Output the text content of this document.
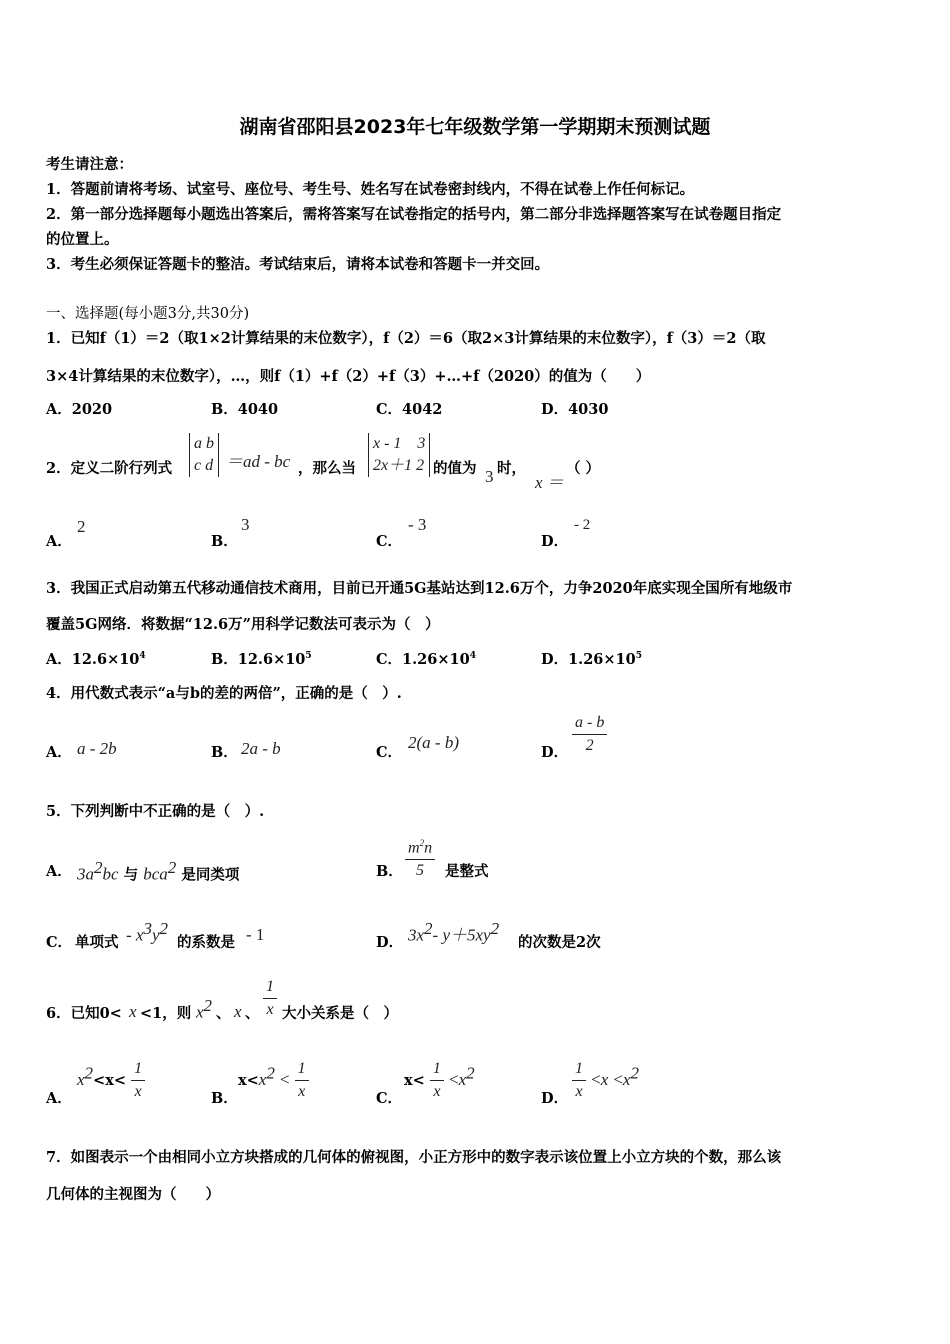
湖南省邵阳县2023年七年级数学第一学期期末预测试题
考生请注意：
1．答题前请将考场、试室号、座位号、考生号、姓名写在试卷密封线内，不得在试卷上作任何标记。
2．第一部分选择题每小题选出答案后，需将答案写在试卷指定的括号内，第二部分非选择题答案写在试卷题目指定
的位置上。
3．考生必须保证答题卡的整洁。考试结束后，请将本试卷和答题卡一并交回。
一、选择题(每小题3分,共30分)
1．已知f（1）＝2（取1×2计算结果的末位数字），f（2）＝6（取2×3计算结果的末位数字），f（3）＝2（取
3×4计算结果的末位数字），…，则f（1）+f（2）+f（3）+…+f（2020）的值为（　　）
A．2020	B．4040	C．4042	D．4030
2．定义二阶行列式
a b
c d ＝ad - bc ，那么当
x - 1　3
2x＋1 2 的值为 3 时，
x ＝
（ ）
A．
2
B．
3
C．
- 3
D．
- 2
3．我国正式启动第五代移动通信技术商用，目前已开通5G基站达到12.6万个，力争2020年底实现全国所有地级市
覆盖5G网络．将数据“12.6万”用科学记数法可表示为（　）
A．$12.6\times 10^4$	B．$12.6\times 10^5$	C．$1.26\times 10^4$	D．$1.26\times 10^5$
4．用代数式表示“a与b的差的两倍”，正确的是（　）.
A． a - 2b	B． 2a - b	C．
2(a - b)
D． $\frac{a - b}{2}$
5．下列判断中不正确的是（　）.
A． $3a^2bc$ 与 bca$^2$ 是同类项	B． $\frac{m^2n}{5}$ 是整式
C． 单项式 - $x^3y^2$
的系数是 - 1	D． $3x^2-$ $y+5xy^2$
的次数是2次
6．已知0< x <1，则 $x^2$ 、 x 、 $\frac{1}{x}$ 大小关系是（　）
A．
$x^2<x< \frac{1}{x}$	B．
$x<x^2 < \frac{1}{x}$	C．
$x< \frac{1}{x} <x^2$
D． $\frac{1}{x} <x <x^2$
7．如图表示一个由相同小立方块搭成的几何体的俯视图，小正方形中的数字表示该位置上小立方块的个数，那么该
几何体的主视图为（　　）
